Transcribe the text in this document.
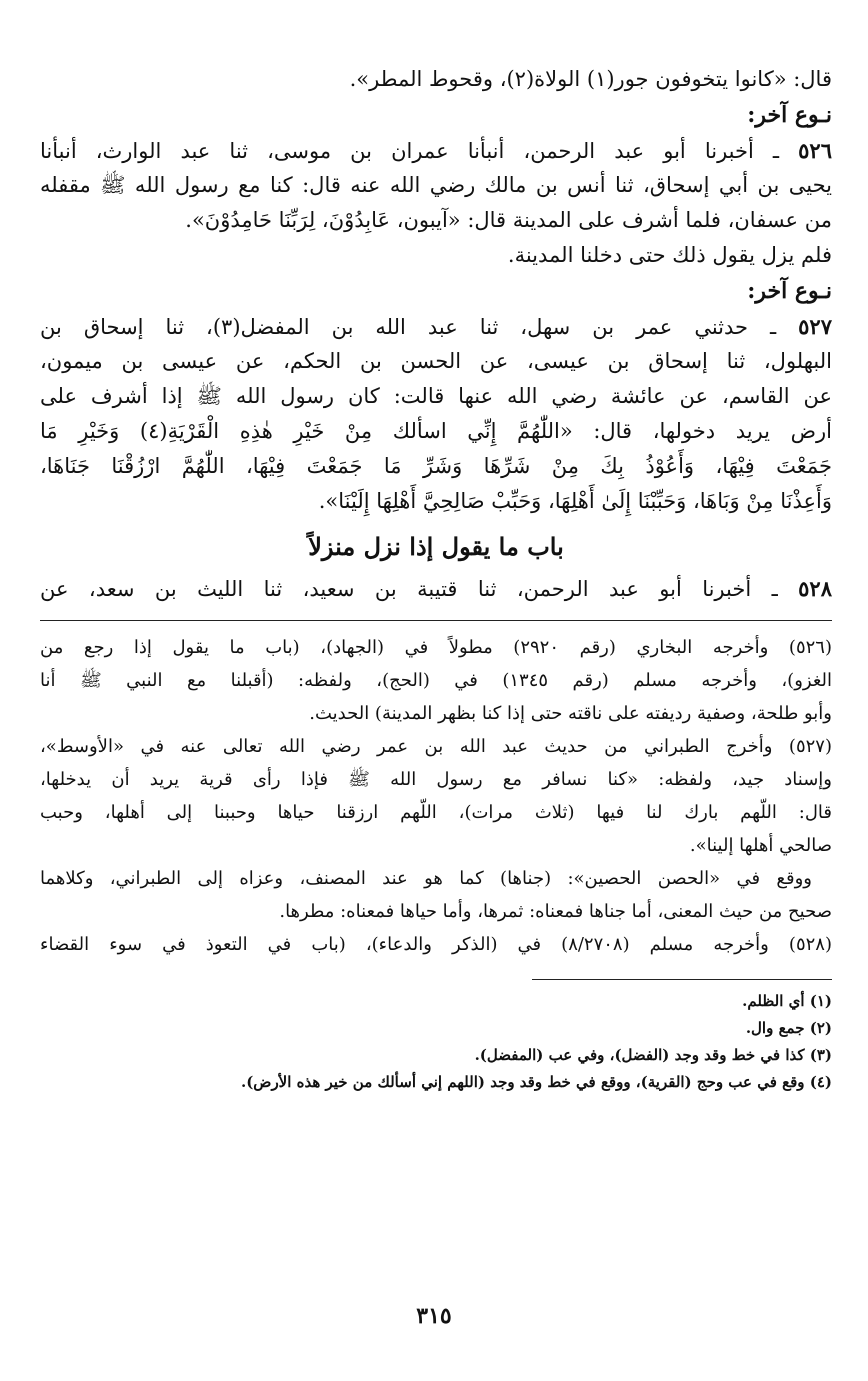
قال: «كانوا يتخوفون جور(١) الولاة(٢)، وقحوط المطر».

نـوع آخر:

٥٢٦ ـ أخبرنا أبو عبد الرحمن، أنبأنا عمران بن موسى، ثنا عبد الوارث، أنبأنا

يحيى بن أبي إسحاق، ثنا أنس بن مالك رضي الله عنه قال: كنا مع رسول الله ﷺ مقفله

من عسفان، فلما أشرف على المدينة قال: «آيبون، عَابِدُوْنَ، لِرَبِّنَا حَامِدُوْنَ».

فلم يزل يقول ذلك حتى دخلنا المدينة.

نـوع آخر:

٥٢٧ ـ حدثني عمر بن سهل، ثنا عبد الله بن المفضل(٣)، ثنا إسحاق بن

البهلول، ثنا إسحاق بن عيسى، عن الحسن بن الحكم، عن عيسى بن ميمون،

عن القاسم، عن عائشة رضي الله عنها قالت: كان رسول الله ﷺ إذا أشرف على

أرض يريد دخولها، قال: «اللّٰهُمَّ إِنِّي اسألك مِنْ خَيْرِ هٰذِهِ الْقَرْيَةِ(٤) وَخَيْرِ مَا

جَمَعْتَ فِيْهَا، وَأَعُوْذُ بِكَ مِنْ شَرِّهَا وَشَرِّ مَا جَمَعْتَ فِيْهَا، اللّٰهُمَّ ارْزُقْنَا جَنَاهَا،

وَأَعِذْنَا مِنْ وَبَاهَا، وَحَبِّبْنَا إِلَىٰ أَهْلِهَا، وَحَبِّبْ صَالِحِيَّ أَهْلِهَا إِلَيْنَا».

باب ما يقول إذا نزل منزلاً

٥٢٨ ـ أخبرنا أبو عبد الرحمن، ثنا قتيبة بن سعيد، ثنا الليث بن سعد، عن

(٥٢٦) وأخرجه البخاري (رقم ٢٩٢٠) مطولاً في (الجهاد)، (باب ما يقول إذا رجع من

الغزو)، وأخرجه مسلم (رقم ١٣٤٥) في (الحج)، ولفظه: (أقبلنا مع النبي ﷺ أنا

وأبو طلحة، وصفية رديفته على ناقته حتى إذا كنا بظهر المدينة) الحديث.

(٥٢٧) وأخرج الطبراني من حديث عبد الله بن عمر رضي الله تعالى عنه في «الأوسط»،

وإسناد جيد، ولفظه: «كنا نسافر مع رسول الله ﷺ فإذا رأى قرية يريد أن يدخلها،

قال: اللّهم بارك لنا فيها (ثلاث مرات)، اللّهم ارزقنا حياها وحببنا إلى أهلها، وحبب

صالحي أهلها إلينا».

ووقع في «الحصن الحصين»: (جناها) كما هو عند المصنف، وعزاه إلى الطبراني، وكلاهما

صحيح من حيث المعنى، أما جناها فمعناه: ثمرها، وأما حياها فمعناه: مطرها.

(٥٢٨) وأخرجه مسلم (٨/٢٧٠٨) في (الذكر والدعاء)، (باب في التعوذ في سوء القضاء

(١) أي الظلم.
(٢) جمع وال.
(٣) كذا في خط وقد وجد (الفضل)، وفي عب (المفضل).
(٤) وقع في عب وحج (القرية)، ووقع في خط وقد وجد (اللهم إني أسألك من خير هذه الأرض).
٣١٥
